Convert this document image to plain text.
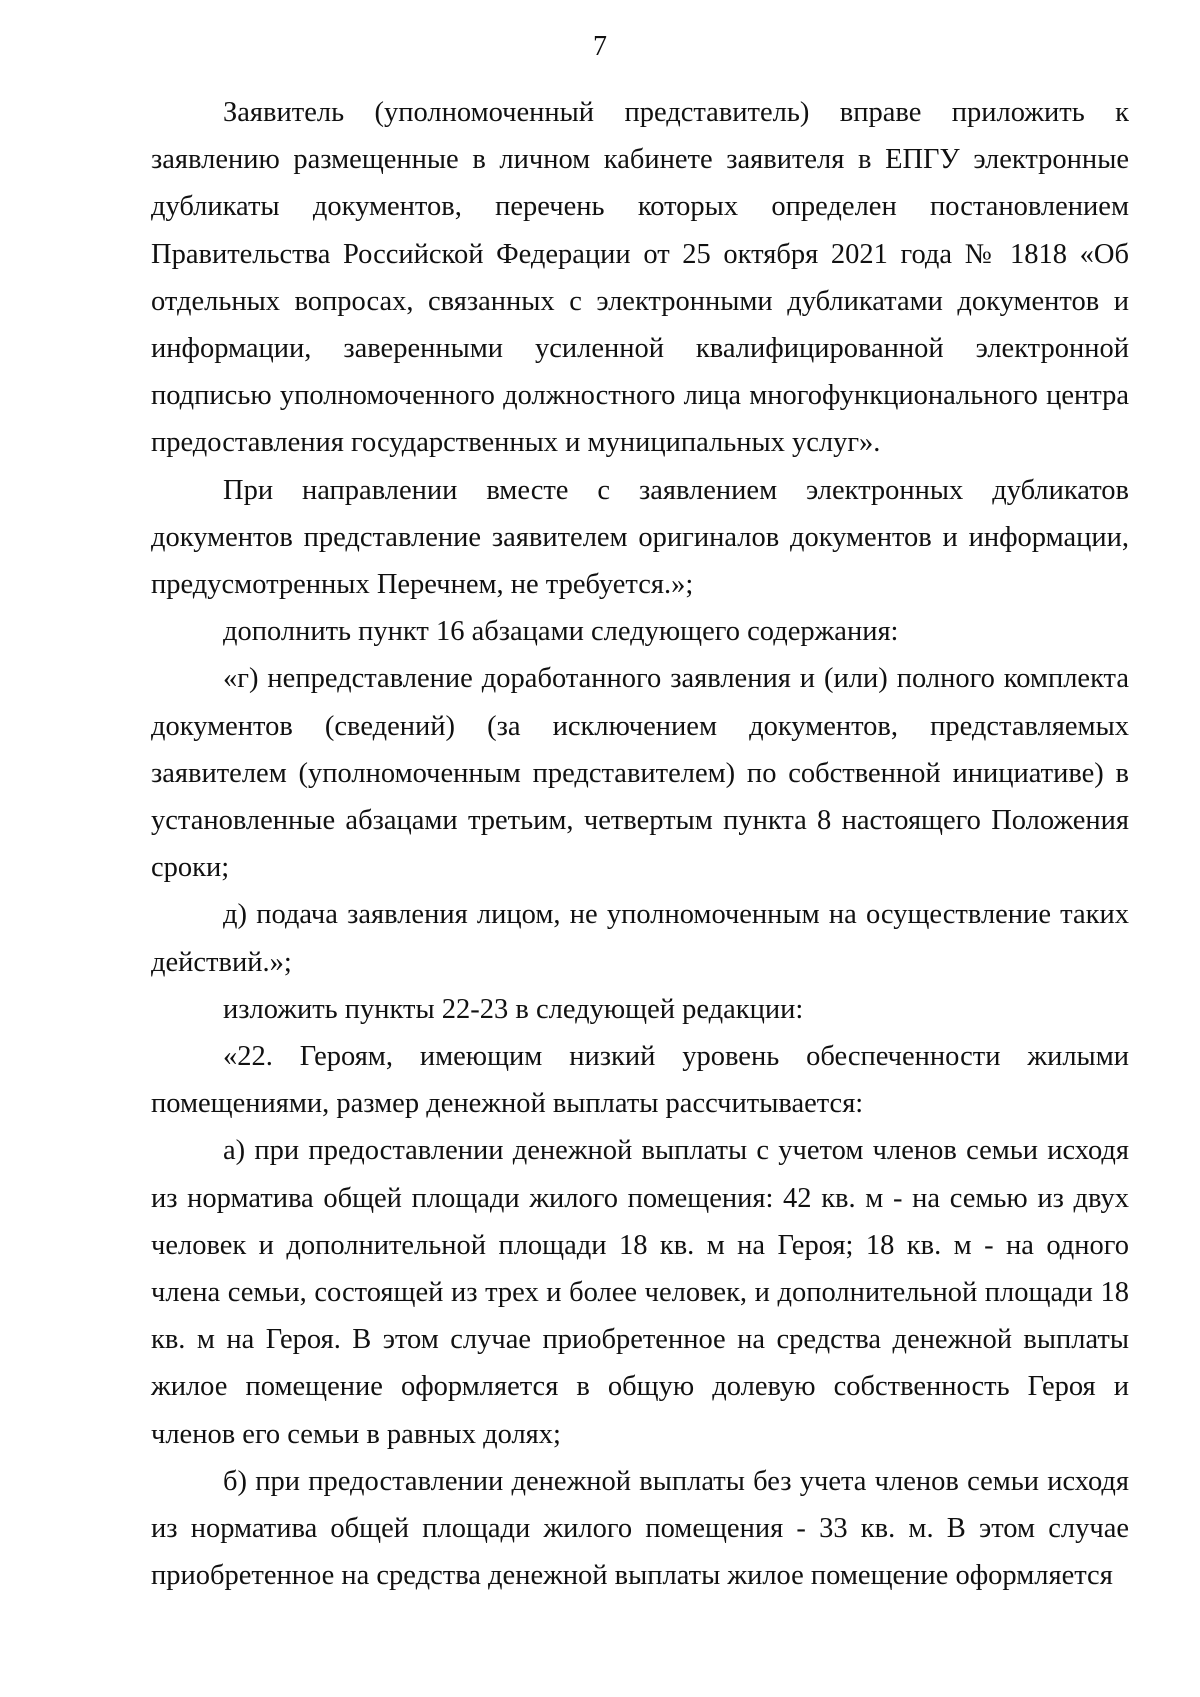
7

Заявитель (уполномоченный представитель) вправе приложить к заявлению размещенные в личном кабинете заявителя в ЕПГУ электронные дубликаты документов, перечень которых определен постановлением Правительства Российской Федерации от 25 октября 2021 года № 1818 «Об отдельных вопросах, связанных с электронными дубликатами документов и информации, заверенными усиленной квалифицированной электронной подписью уполномоченного должностного лица многофункционального центра предоставления государственных и муниципальных услуг».

При направлении вместе с заявлением электронных дубликатов документов представление заявителем оригиналов документов и информации, предусмотренных Перечнем, не требуется.»;

дополнить пункт 16 абзацами следующего содержания:

«г) непредставление доработанного заявления и (или) полного комплекта документов (сведений) (за исключением документов, представляемых заявителем (уполномоченным представителем) по собственной инициативе) в установленные абзацами третьим, четвертым пункта 8 настоящего Положения сроки;

д) подача заявления лицом, не уполномоченным на осуществление таких действий.»;

изложить пункты 22-23 в следующей редакции:

«22. Героям, имеющим низкий уровень обеспеченности жилыми помещениями, размер денежной выплаты рассчитывается:

а) при предоставлении денежной выплаты с учетом членов семьи исходя из норматива общей площади жилого помещения: 42 кв. м - на семью из двух человек и дополнительной площади 18 кв. м на Героя; 18 кв. м - на одного члена семьи, состоящей из трех и более человек, и дополнительной площади 18 кв. м на Героя. В этом случае приобретенное на средства денежной выплаты жилое помещение оформляется в общую долевую собственность Героя и членов его семьи в равных долях;

б) при предоставлении денежной выплаты без учета членов семьи исходя из норматива общей площади жилого помещения - 33 кв. м. В этом случае приобретенное на средства денежной выплаты жилое помещение оформляется
